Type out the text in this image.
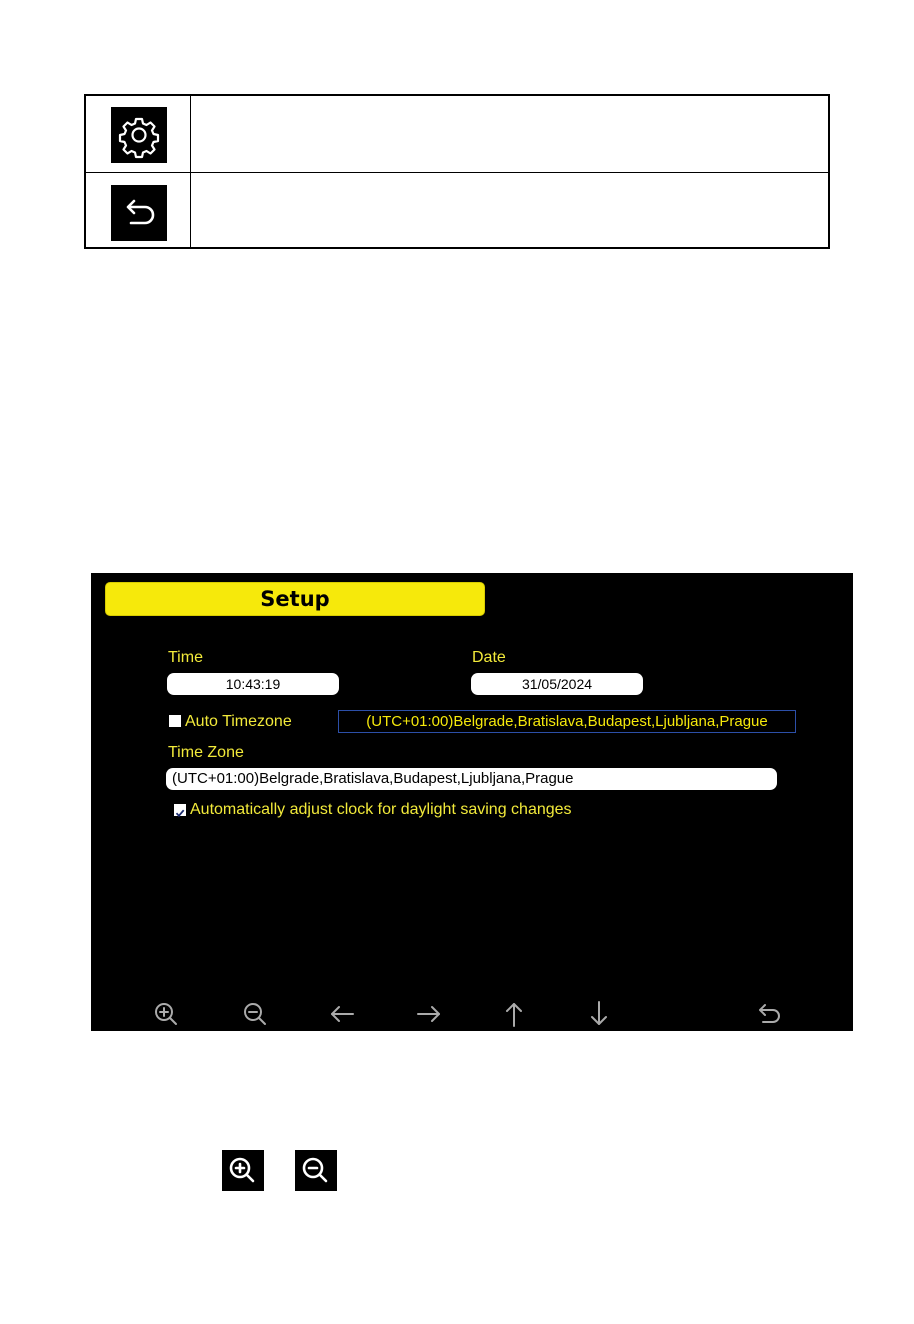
Setup
Time
10:43:19
Date
31/05/2024
Auto Timezone	(UTC+01:00)Belgrade,Bratislava,Budapest,Ljubljana,Prague
Time Zone
(UTC+01:00)Belgrade,Bratislava,Budapest,Ljubljana,Prague
Automatically adjust clock for daylight saving changes
